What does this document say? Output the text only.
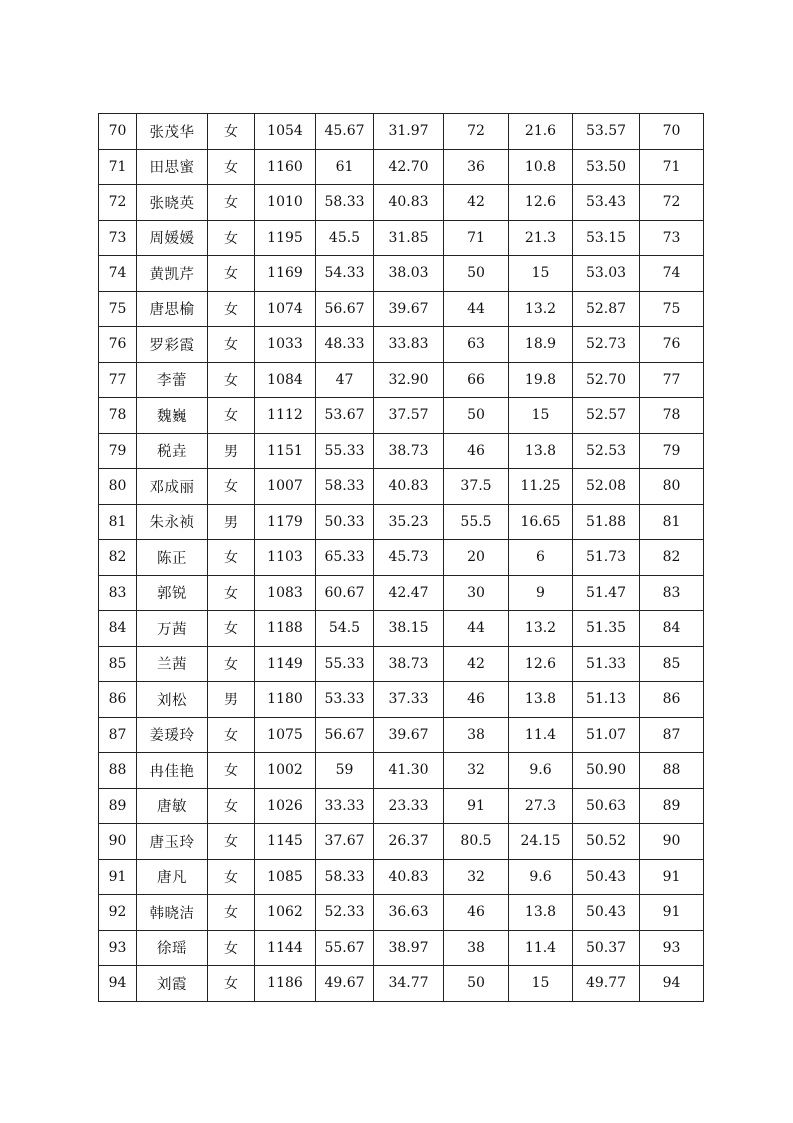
70	张茂华	女	1054	45.67	31.97	72	21.6	53.57	70
71	田思蜜	女	1160	61	42.70	36	10.8	53.50	71
72	张晓英	女	1010	58.33	40.83	42	12.6	53.43	72
73	周媛媛	女	1195	45.5	31.85	71	21.3	53.15	73
74	黄凯芹	女	1169	54.33	38.03	50	15	53.03	74
75	唐思榆	女	1074	56.67	39.67	44	13.2	52.87	75
76	罗彩霞	女	1033	48.33	33.83	63	18.9	52.73	76
77	李蕾	女	1084	47	32.90	66	19.8	52.70	77
78	魏巍	女	1112	53.67	37.57	50	15	52.57	78
79	税垚	男	1151	55.33	38.73	46	13.8	52.53	79
80	邓成丽	女	1007	58.33	40.83	37.5	11.25	52.08	80
81	朱永祯	男	1179	50.33	35.23	55.5	16.65	51.88	81
82	陈正	女	1103	65.33	45.73	20	6	51.73	82
83	郭锐	女	1083	60.67	42.47	30	9	51.47	83
84	万茜	女	1188	54.5	38.15	44	13.2	51.35	84
85	兰茜	女	1149	55.33	38.73	42	12.6	51.33	85
86	刘松	男	1180	53.33	37.33	46	13.8	51.13	86
87	姜瑗玲	女	1075	56.67	39.67	38	11.4	51.07	87
88	冉佳艳	女	1002	59	41.30	32	9.6	50.90	88
89	唐敏	女	1026	33.33	23.33	91	27.3	50.63	89
90	唐玉玲	女	1145	37.67	26.37	80.5	24.15	50.52	90
91	唐凡	女	1085	58.33	40.83	32	9.6	50.43	91
92	韩晓洁	女	1062	52.33	36.63	46	13.8	50.43	91
93	徐瑶	女	1144	55.67	38.97	38	11.4	50.37	93
94	刘霞	女	1186	49.67	34.77	50	15	49.77	94
